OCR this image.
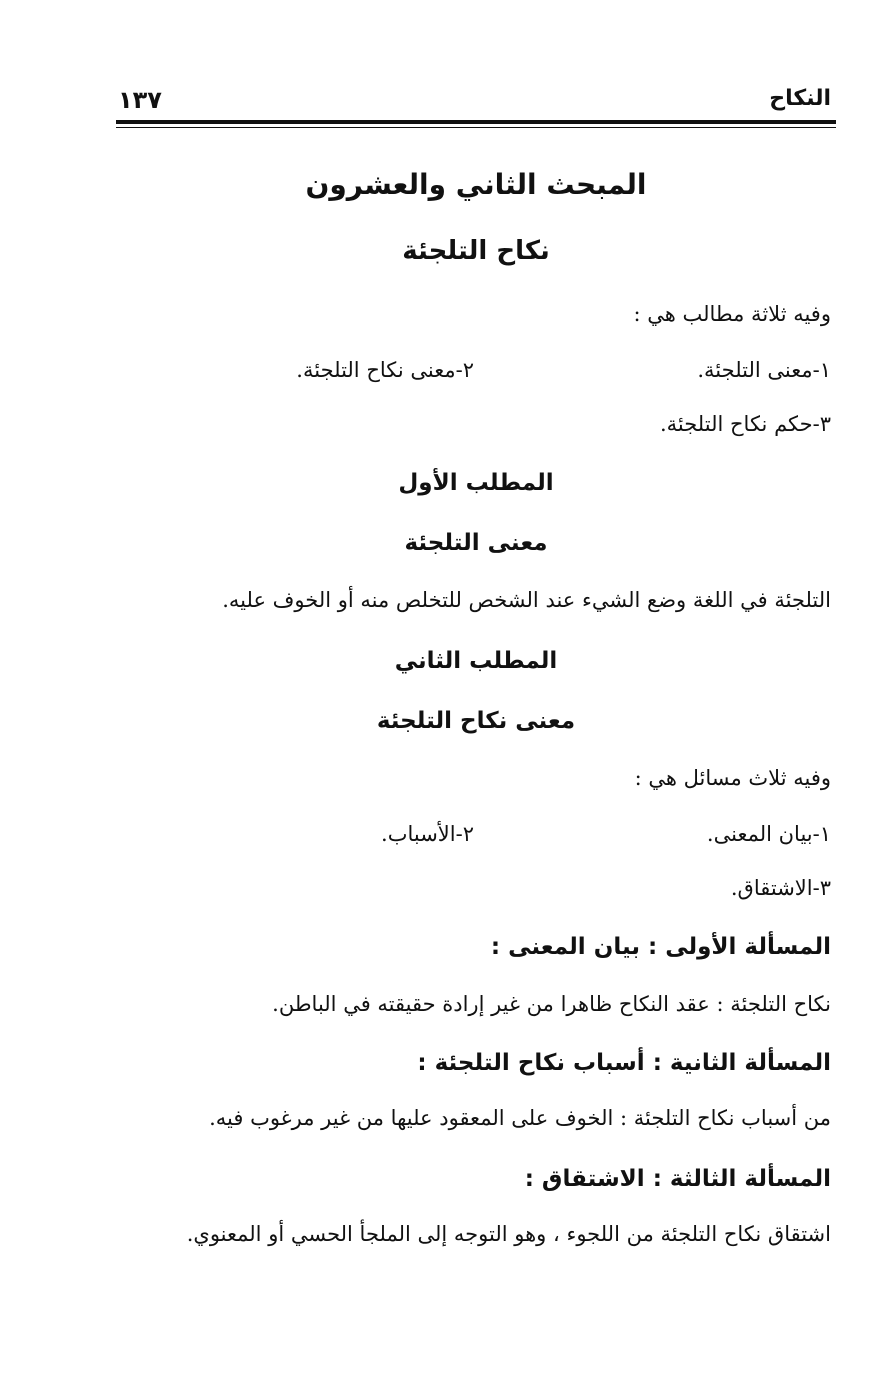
النكاح
١٣٧
المبحث الثاني والعشرون
نكاح التلجئة
وفيه ثلاثة مطالب هي :
١-معنى التلجئة.
٢-معنى نكاح التلجئة.
٣-حكم نكاح التلجئة.
المطلب الأول
معنى التلجئة
التلجئة في اللغة وضع الشيء عند الشخص للتخلص منه أو الخوف عليه.
المطلب الثاني
معنى نكاح التلجئة
وفيه ثلاث مسائل هي :
١-بيان المعنى.
٢-الأسباب.
٣-الاشتقاق.
المسألة الأولى : بيان المعنى :
نكاح التلجئة : عقد النكاح ظاهرا من غير إرادة حقيقته في الباطن.
المسألة الثانية : أسباب نكاح التلجئة :
من أسباب نكاح التلجئة : الخوف على المعقود عليها من غير مرغوب فيه.
المسألة الثالثة : الاشتقاق :
اشتقاق نكاح التلجئة من اللجوء ، وهو التوجه إلى الملجأ الحسي أو المعنوي.
